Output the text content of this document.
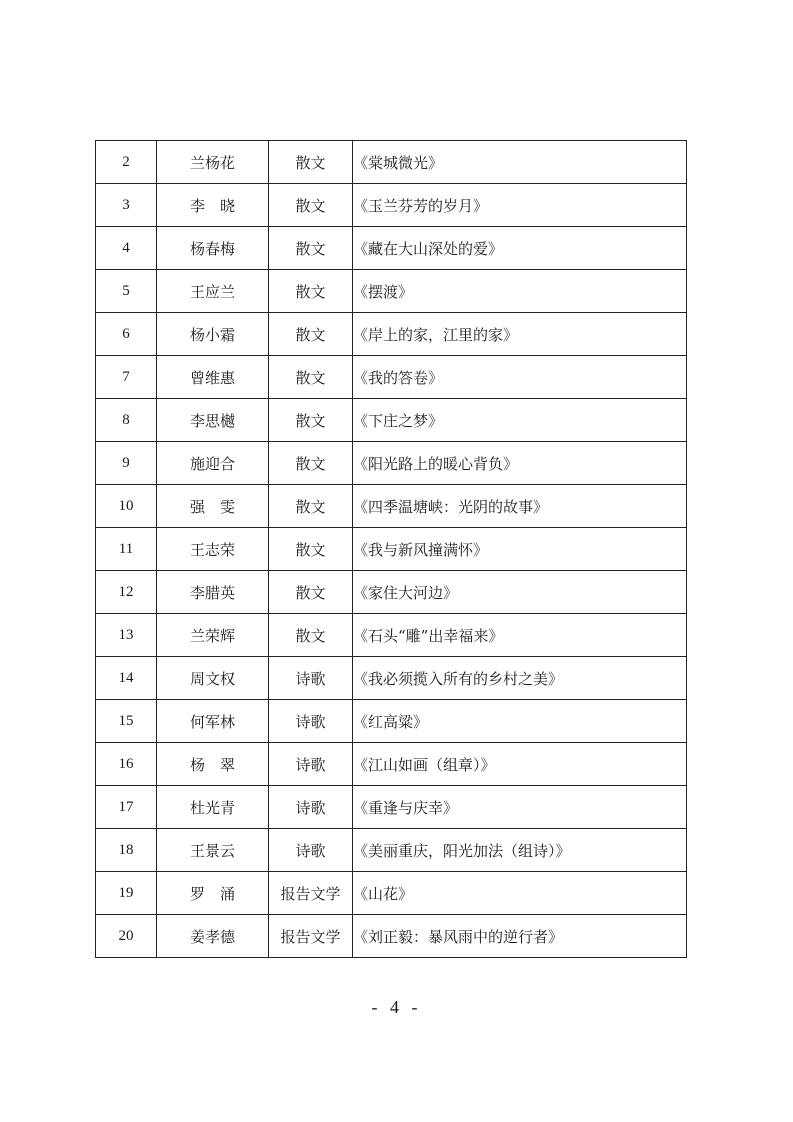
2	兰杨花	散文	《棠城微光》
3	李　晓	散文	《玉兰芬芳的岁月》
4	杨春梅	散文	《藏在大山深处的爱》
5	王应兰	散文	《摆渡》
6	杨小霜	散文	《岸上的家，江里的家》
7	曾维惠	散文	《我的答卷》
8	李思樾	散文	《下庄之梦》
9	施迎合	散文	《阳光路上的暖心背负》
10	强　雯	散文	《四季温塘峡：光阴的故事》
11	王志荣	散文	《我与新风撞满怀》
12	李腊英	散文	《家住大河边》
13	兰荣辉	散文	《石头“雕”出幸福来》
14	周文权	诗歌	《我必须揽入所有的乡村之美》
15	何军林	诗歌	《红高粱》
16	杨　翠	诗歌	《江山如画（组章）》
17	杜光青	诗歌	《重逢与庆幸》
18	王景云	诗歌	《美丽重庆，阳光加法（组诗）》
19	罗　涌	报告文学	《山花》
20	姜孝德	报告文学	《刘正毅：暴风雨中的逆行者》
- 4 -
